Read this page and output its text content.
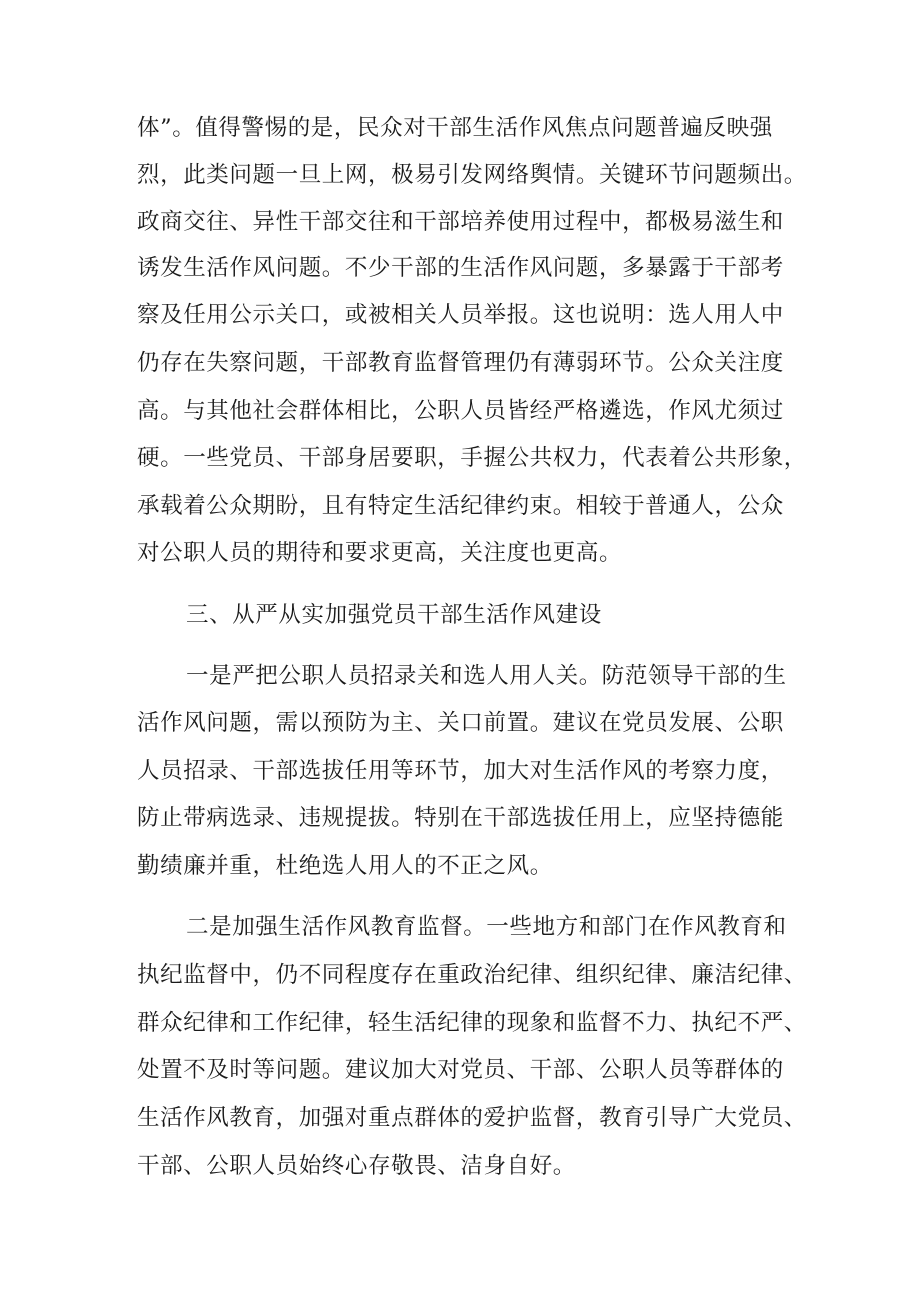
体”。值得警惕的是，民众对干部生活作风焦点问题普遍反映强

烈，此类问题一旦上网，极易引发网络舆情。关键环节问题频出。

政商交往、异性干部交往和干部培养使用过程中，都极易滋生和

诱发生活作风问题。不少干部的生活作风问题，多暴露于干部考

察及任用公示关口，或被相关人员举报。这也说明：选人用人中

仍存在失察问题，干部教育监督管理仍有薄弱环节。公众关注度

高。与其他社会群体相比，公职人员皆经严格遴选，作风尤须过

硬。一些党员、干部身居要职，手握公共权力，代表着公共形象，

承载着公众期盼，且有特定生活纪律约束。相较于普通人，公众

对公职人员的期待和要求更高，关注度也更高。

三、从严从实加强党员干部生活作风建设

一是严把公职人员招录关和选人用人关。防范领导干部的生

活作风问题，需以预防为主、关口前置。建议在党员发展、公职

人员招录、干部选拔任用等环节，加大对生活作风的考察力度，

防止带病选录、违规提拔。特别在干部选拔任用上，应坚持德能

勤绩廉并重，杜绝选人用人的不正之风。

二是加强生活作风教育监督。一些地方和部门在作风教育和

执纪监督中，仍不同程度存在重政治纪律、组织纪律、廉洁纪律、

群众纪律和工作纪律，轻生活纪律的现象和监督不力、执纪不严、

处置不及时等问题。建议加大对党员、干部、公职人员等群体的

生活作风教育，加强对重点群体的爱护监督，教育引导广大党员、

干部、公职人员始终心存敬畏、洁身自好。
